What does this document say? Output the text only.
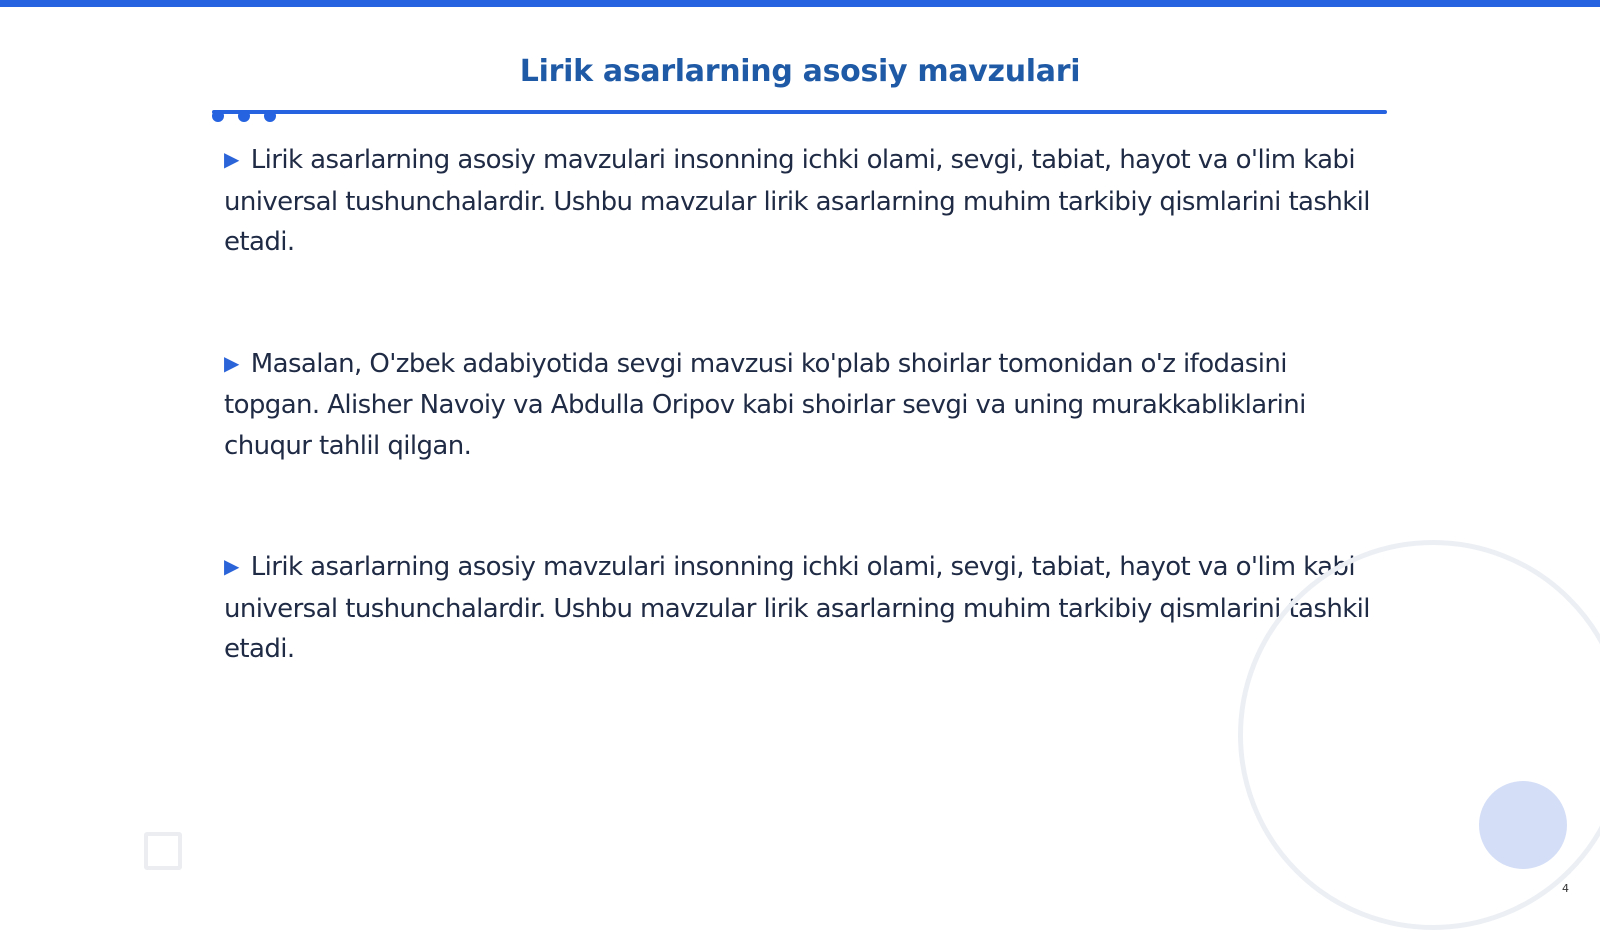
Lirik asarlarning asosiy mavzulari

▶ Lirik asarlarning asosiy mavzulari insonning ichki olami, sevgi, tabiat, hayot va o'lim kabi universal tushunchalardir. Ushbu mavzular lirik asarlarning muhim tarkibiy qismlarini tashkil etadi.

▶ Masalan, O'zbek adabiyotida sevgi mavzusi ko'plab shoirlar tomonidan o'z ifodasini topgan. Alisher Navoiy va Abdulla Oripov kabi shoirlar sevgi va uning murakkabliklarini chuqur tahlil qilgan.

▶ Lirik asarlarning asosiy mavzulari insonning ichki olami, sevgi, tabiat, hayot va o'lim kabi universal tushunchalardir. Ushbu mavzular lirik asarlarning muhim tarkibiy qismlarini tashkil etadi.

4
